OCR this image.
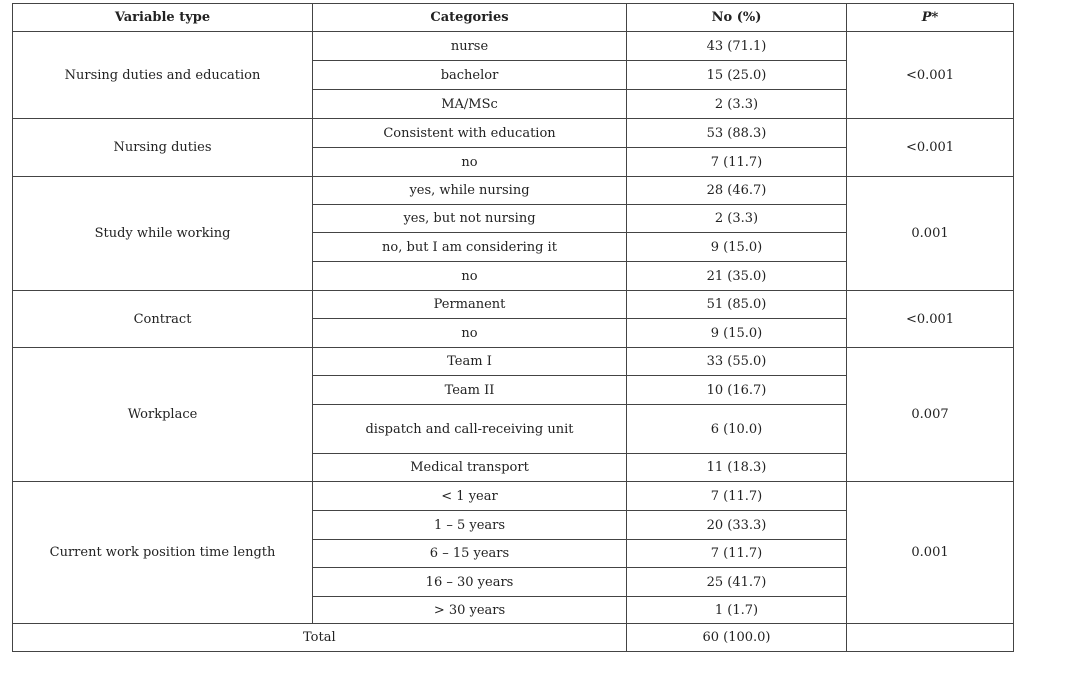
Variable type	Categories	No (%)	P*
Nursing duties and education	nurse	43 (71.1)	<0.001
	bachelor	15 (25.0)	
	MA/MSc	2 (3.3)	
Nursing duties	Consistent with education	53 (88.3)	<0.001
	no	7 (11.7)	
Study while working	yes, while nursing	28 (46.7)	0.001
	yes, but not nursing	2 (3.3)	
	no, but I am considering it	9 (15.0)	
	no	21 (35.0)	
Contract	Permanent	51 (85.0)	<0.001
	no	9 (15.0)	
Workplace	Team I	33 (55.0)	0.007
	Team II	10 (16.7)	
	dispatch and call-receiving unit	6 (10.0)	
	Medical transport	11 (18.3)	
Current work position time length	< 1 year	7 (11.7)	0.001
	1 – 5 years	20 (33.3)	
	6 – 15 years	7 (11.7)	
	16 – 30 years	25 (41.7)	
	> 30 years	1 (1.7)	
Total		60 (100.0)	
